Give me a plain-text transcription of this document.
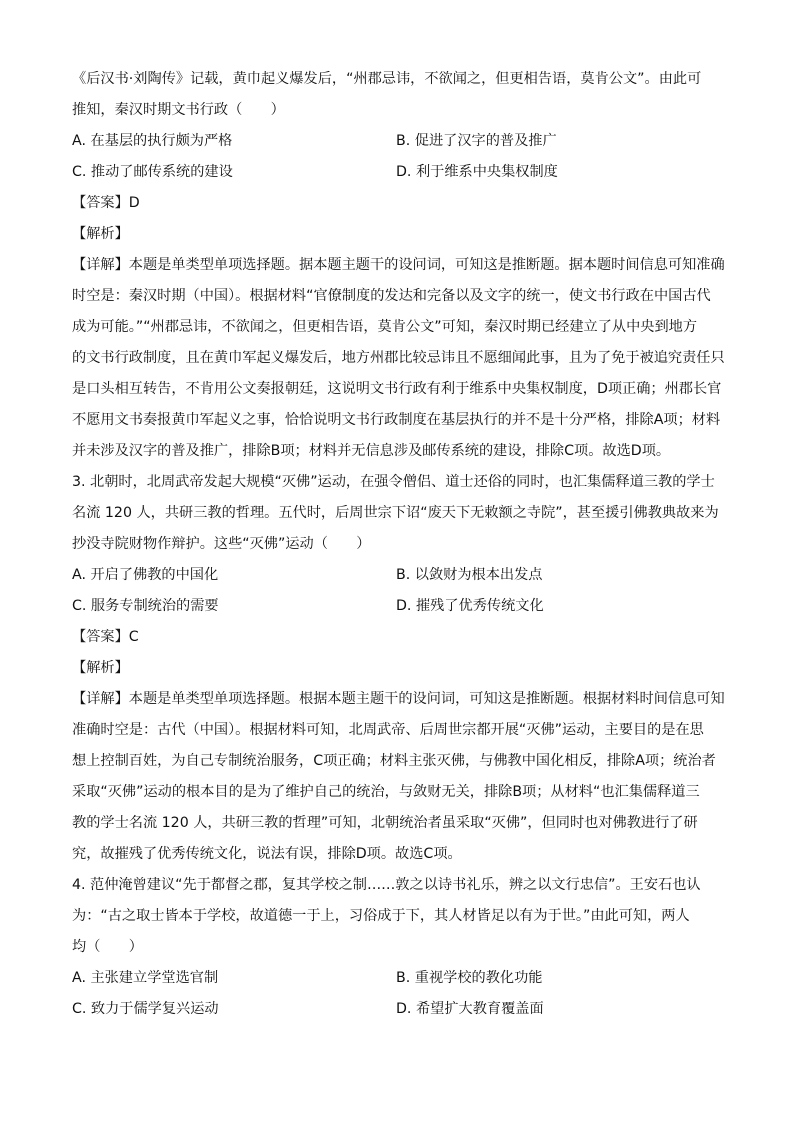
《后汉书·刘陶传》记载，黄巾起义爆发后，“州郡忌讳，不欲闻之，但更相告语，莫肯公文”。由此可

推知，秦汉时期文书行政（　　）

A. 在基层的执行颇为严格	B. 促进了汉字的普及推广
C. 推动了邮传系统的建设	D. 利于维系中央集权制度

【答案】D

【解析】

【详解】本题是单类型单项选择题。据本题主题干的设问词，可知这是推断题。据本题时间信息可知准确

时空是：秦汉时期（中国）。根据材料“官僚制度的发达和完备以及文字的统一，使文书行政在中国古代

成为可能。”“州郡忌讳，不欲闻之，但更相告语，莫肯公文”可知，秦汉时期已经建立了从中央到地方

的文书行政制度，且在黄巾军起义爆发后，地方州郡比较忌讳且不愿细闻此事，且为了免于被追究责任只

是口头相互转告，不肯用公文奏报朝廷，这说明文书行政有利于维系中央集权制度，D项正确；州郡长官

不愿用文书奏报黄巾军起义之事，恰恰说明文书行政制度在基层执行的并不是十分严格，排除A项；材料

并未涉及汉字的普及推广，排除B项；材料并无信息涉及邮传系统的建设，排除C项。故选D项。

3. 北朝时，北周武帝发起大规模“灭佛”运动，在强令僧侣、道士还俗的同时，也汇集儒释道三教的学士

名流 120 人，共研三教的哲理。五代时，后周世宗下诏“废天下无敕额之寺院”，甚至援引佛教典故来为

抄没寺院财物作辩护。这些“灭佛”运动（　　）

A. 开启了佛教的中国化	B. 以敛财为根本出发点
C. 服务专制统治的需要	D. 摧残了优秀传统文化

【答案】C

【解析】

【详解】本题是单类型单项选择题。根据本题主题干的设问词，可知这是推断题。根据材料时间信息可知

准确时空是：古代（中国）。根据材料可知，北周武帝、后周世宗都开展“灭佛”运动，主要目的是在思

想上控制百姓，为自己专制统治服务，C项正确；材料主张灭佛，与佛教中国化相反，排除A项；统治者

采取“灭佛”运动的根本目的是为了维护自己的统治，与敛财无关，排除B项；从材料“也汇集儒释道三

教的学士名流 120 人，共研三教的哲理”可知，北朝统治者虽采取“灭佛”，但同时也对佛教进行了研

究，故摧残了优秀传统文化，说法有误，排除D项。故选C项。

4. 范仲淹曾建议“先于都督之郡，复其学校之制……敦之以诗书礼乐，辨之以文行忠信”。王安石也认

为：“古之取士皆本于学校，故道德一于上，习俗成于下，其人材皆足以有为于世。”由此可知，两人

均（　　）

A. 主张建立学堂选官制	B. 重视学校的教化功能
C. 致力于儒学复兴运动	D. 希望扩大教育覆盖面
